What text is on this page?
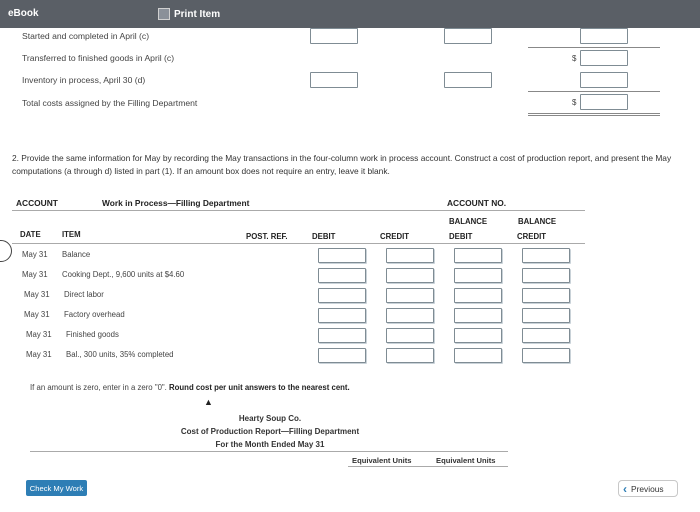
eBook	Print Item
Started and completed in April (c)
Transferred to finished goods in April (c)
Inventory in process, April 30 (d)
Total costs assigned by the Filling Department
$
$
2. Provide the same information for May by recording the May transactions in the four-column work in process account. Construct a cost of production report, and present the May computations (a through d) listed in part (1). If an amount box does not require an entry, leave it blank.
ACCOUNT	Work in Process—Filling Department	ACCOUNT NO.
BALANCE	BALANCE
DATE	ITEM	POST. REF.	DEBIT	CREDIT	DEBIT	CREDIT
May 31 Balance
May 31 Cooking Dept., 9,600 units at $4.60
May 31 Direct labor
May 31 Factory overhead
May 31 Finished goods
May 31 Bal., 300 units, 35% completed
If an amount is zero, enter in a zero "0". Round cost per unit answers to the nearest cent.
▲
Hearty Soup Co.
Cost of Production Report—Filling Department
For the Month Ended May 31
Equivalent Units	Equivalent Units
Check My Work	‹ Previous
